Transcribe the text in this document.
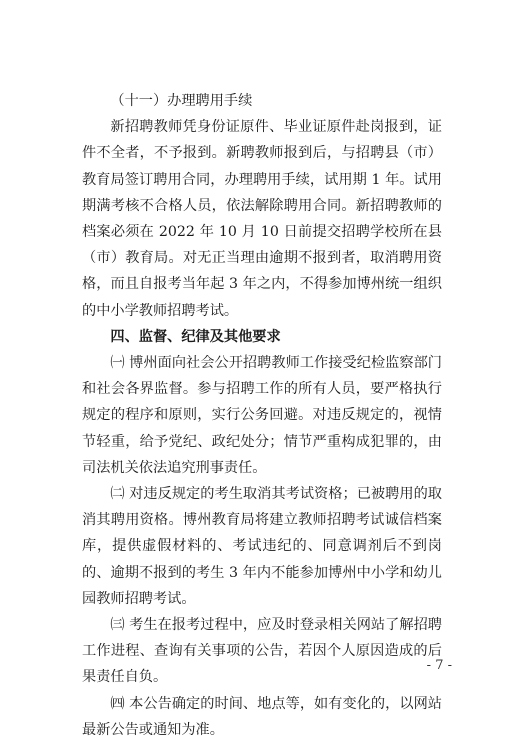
（十一）办理聘用手续

新招聘教师凭身份证原件、毕业证原件赴岗报到，证件不全者，不予报到。新聘教师报到后，与招聘县（市）教育局签订聘用合同，办理聘用手续，试用期 1 年。试用期满考核不合格人员，依法解除聘用合同。新招聘教师的档案必须在 2022 年 10 月 10 日前提交招聘学校所在县（市）教育局。对无正当理由逾期不报到者，取消聘用资格，而且自报考当年起 3 年之内，不得参加博州统一组织的中小学教师招聘考试。

四、监督、纪律及其他要求

㈠ 博州面向社会公开招聘教师工作接受纪检监察部门和社会各界监督。参与招聘工作的所有人员，要严格执行规定的程序和原则，实行公务回避。对违反规定的，视情节轻重，给予党纪、政纪处分；情节严重构成犯罪的，由司法机关依法追究刑事责任。

㈡ 对违反规定的考生取消其考试资格；已被聘用的取消其聘用资格。博州教育局将建立教师招聘考试诚信档案库，提供虚假材料的、考试违纪的、同意调剂后不到岗的、逾期不报到的考生 3 年内不能参加博州中小学和幼儿园教师招聘考试。

㈢ 考生在报考过程中，应及时登录相关网站了解招聘工作进程、查询有关事项的公告，若因个人原因造成的后果责任自负。

㈣ 本公告确定的时间、地点等，如有变化的，以网站最新公告或通知为准。

- 7 -
